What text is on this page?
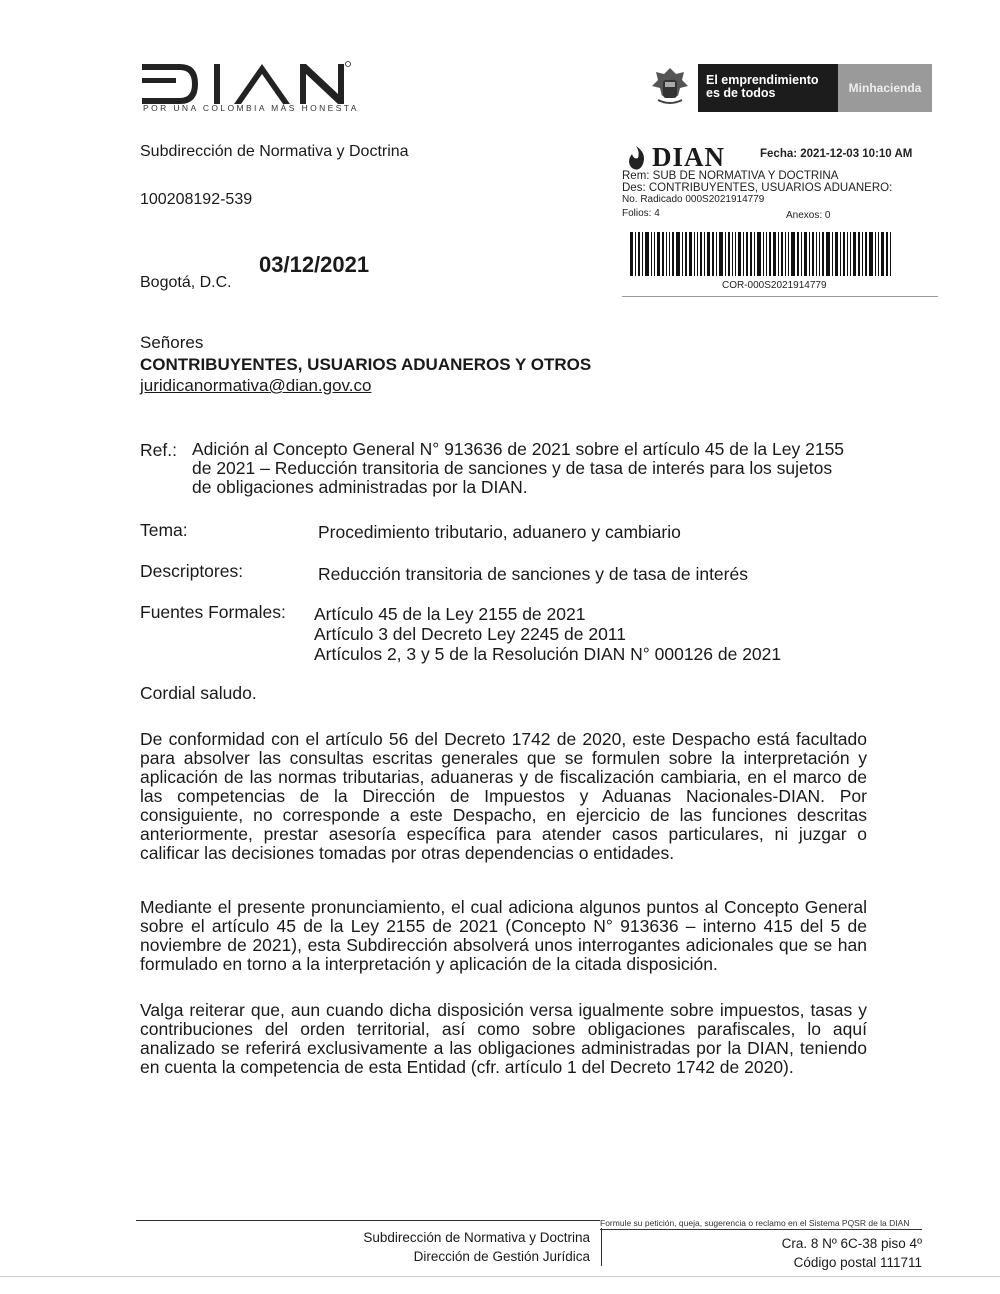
POR UNA COLOMBIA MÁS HONESTA
El emprendimiento
es de todos	Minhacienda
Subdirección de Normativa y Doctrina
100208192-539
03/12/2021
Bogotá, D.C.
DIAN	Fecha: 2021-12-03 10:10 AM
Rem: SUB DE NORMATIVA Y DOCTRINA
Des: CONTRIBUYENTES, USUARIOS ADUANERO:
No. Radicado 000S2021914779
Folios: 4	Anexos: 0
COR-000S2021914779
Señores
CONTRIBUYENTES, USUARIOS ADUANEROS Y OTROS
juridicanormativa@dian.gov.co
Ref.: Adición al Concepto General N° 913636 de 2021 sobre el artículo 45 de la Ley 2155
de 2021 – Reducción transitoria de sanciones y de tasa de interés para los sujetos
de obligaciones administradas por la DIAN.
Tema:	Procedimiento tributario, aduanero y cambiario
Descriptores:	Reducción transitoria de sanciones y de tasa de interés
Fuentes Formales: Artículo 45 de la Ley 2155 de 2021
Artículo 3 del Decreto Ley 2245 de 2011
Artículos 2, 3 y 5 de la Resolución DIAN N° 000126 de 2021
Cordial saludo.
De conformidad con el artículo 56 del Decreto 1742 de 2020, este Despacho está facultado para absolver las consultas escritas generales que se formulen sobre la interpretación y aplicación de las normas tributarias, aduaneras y de fiscalización cambiaria, en el marco de las competencias de la Dirección de Impuestos y Aduanas Nacionales-DIAN. Por consiguiente, no corresponde a este Despacho, en ejercicio de las funciones descritas anteriormente, prestar asesoría específica para atender casos particulares, ni juzgar o calificar las decisiones tomadas por otras dependencias o entidades.
Mediante el presente pronunciamiento, el cual adiciona algunos puntos al Concepto General sobre el artículo 45 de la Ley 2155 de 2021 (Concepto N° 913636 – interno 415 del 5 de noviembre de 2021), esta Subdirección absolverá unos interrogantes adicionales que se han formulado en torno a la interpretación y aplicación de la citada disposición.
Valga reiterar que, aun cuando dicha disposición versa igualmente sobre impuestos, tasas y contribuciones del orden territorial, así como sobre obligaciones parafiscales, lo aquí analizado se referirá exclusivamente a las obligaciones administradas por la DIAN, teniendo en cuenta la competencia de esta Entidad (cfr. artículo 1 del Decreto 1742 de 2020).
Subdirección de Normativa y Doctrina
Dirección de Gestión Jurídica
Formule su petición, queja, sugerencia o reclamo en el Sistema PQSR de la DIAN
Cra. 8 Nº 6C-38 piso 4º
Código postal 111711
